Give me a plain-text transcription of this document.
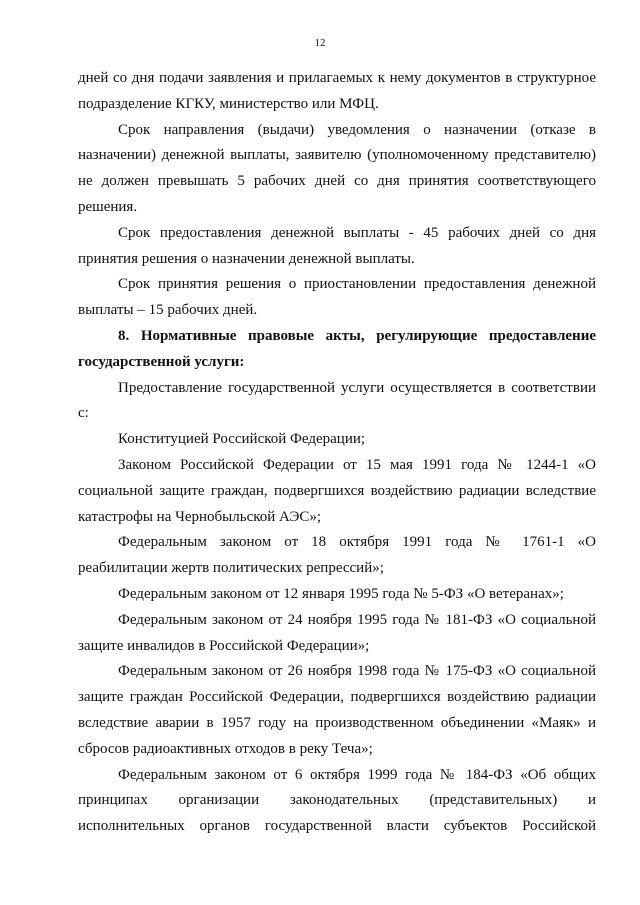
12

дней со дня подачи заявления и прилагаемых к нему документов в структурное подразделение КГКУ, министерство или МФЦ.

Срок направления (выдачи) уведомления о назначении (отказе в назначении) денежной выплаты, заявителю (уполномоченному представителю) не должен превышать 5 рабочих дней со дня принятия соответствующего решения.

Срок предоставления денежной выплаты - 45 рабочих дней со дня принятия решения о назначении денежной выплаты.

Срок принятия решения о приостановлении предоставления денежной выплаты – 15 рабочих дней.

8. Нормативные правовые акты, регулирующие предоставление государственной услуги:

Предоставление государственной услуги осуществляется в соответствии с:

Конституцией Российской Федерации;

Законом Российской Федерации от 15 мая 1991 года № 1244-1 «О социальной защите граждан, подвергшихся воздействию радиации вследствие катастрофы на Чернобыльской АЭС»;

Федеральным законом от 18 октября 1991 года № 1761-1 «О реабилитации жертв политических репрессий»;

Федеральным законом от 12 января 1995 года № 5-ФЗ «О ветеранах»;

Федеральным законом от 24 ноября 1995 года № 181-ФЗ «О социальной защите инвалидов в Российской Федерации»;

Федеральным законом от 26 ноября 1998 года № 175-ФЗ «О социальной защите граждан Российской Федерации, подвергшихся воздействию радиации вследствие аварии в 1957 году на производственном объединении «Маяк» и сбросов радиоактивных отходов в реку Теча»;

Федеральным законом от 6 октября 1999 года № 184-ФЗ «Об общих принципах организации законодательных (представительных) и исполнительных органов государственной власти субъектов Российской
